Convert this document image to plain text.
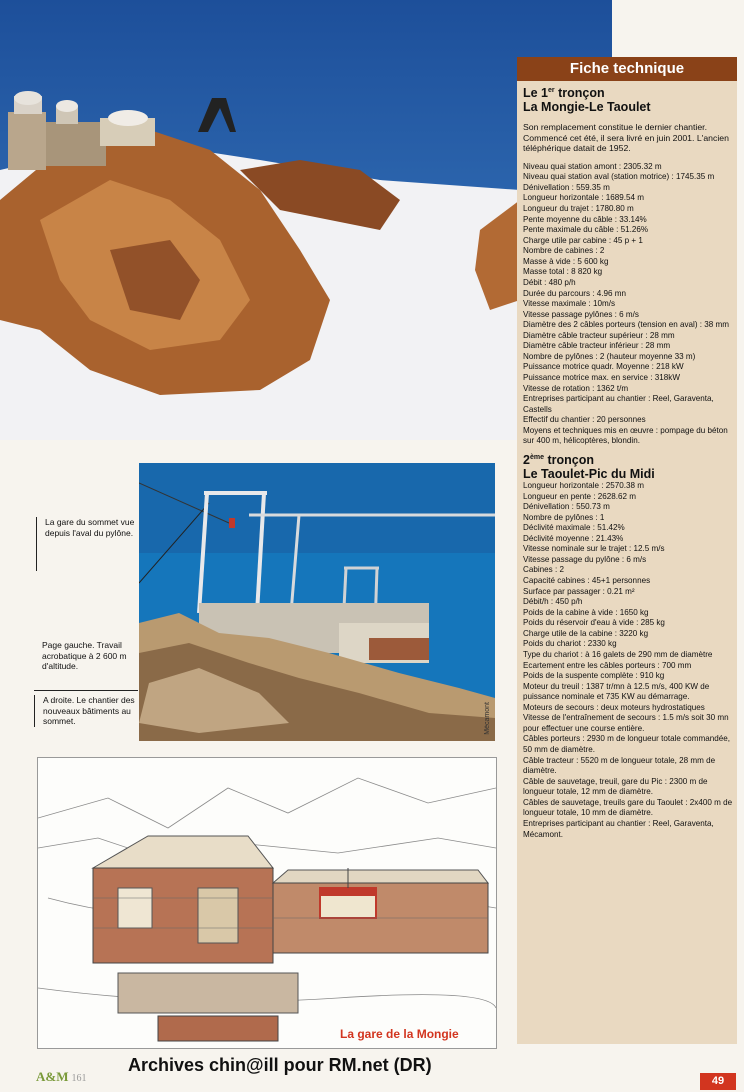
Mécamont
La gare du sommet vue depuis l'aval du pylône.
Page gauche. Travail acrobatique à 2 600 m d'altitude.
A droite. Le chantier des nouveaux bâtiments au sommet.
La gare de la Mongie
Fiche technique

Le 1er tronçon

La Mongie-Le Taoulet

Son remplacement constitue le dernier chantier. Commencé cet été, il sera livré en juin 2001. L'ancien téléphérique datait de 1952.

Niveau quai station amont : 2305.32 m

Niveau quai station aval (station motrice) : 1745.35 m

Dénivellation : 559.35 m

Longueur horizontale : 1689.54 m

Longueur du trajet : 1780.80 m

Pente moyenne du câble : 33.14%

Pente maximale du câble : 51.26%

Charge utile par cabine : 45 p + 1

Nombre de cabines : 2

Masse à vide : 5 600 kg

Masse total : 8 820 kg

Débit : 480 p/h

Durée du parcours : 4.96 mn

Vitesse maximale : 10m/s

Vitesse passage pylônes : 6 m/s

Diamètre des 2 câbles porteurs (tension en aval) : 38 mm

Diamètre câble tracteur supérieur : 28 mm

Diamètre câble tracteur inférieur : 28 mm

Nombre de pylônes : 2 (hauteur moyenne 33 m)

Puissance motrice quadr. Moyenne : 218 kW

Puissance motrice max. en service : 318kW

Vitesse de rotation : 1362 t/m

Entreprises participant au chantier : Reel, Garaventa, Castells

Effectif du chantier : 20 personnes

Moyens et techniques mis en œuvre : pompage du béton sur 400 m, hélicoptères, blondin.

2ème tronçon

Le Taoulet-Pic du Midi

Longueur horizontale : 2570.38 m

Longueur en pente : 2628.62 m

Dénivellation : 550.73 m

Nombre de pylônes : 1

Déclivité maximale : 51.42%

Déclivité moyenne : 21.43%

Vitesse nominale sur le trajet : 12.5 m/s

Vitesse passage du pylône : 6 m/s

Cabines : 2

Capacité cabines : 45+1 personnes

Surface par passager : 0.21 m²

Débit/h : 450 p/h

Poids de la cabine à vide : 1650 kg

Poids du réservoir d'eau à vide : 285 kg

Charge utile de la cabine : 3220 kg

Poids du chariot : 2330 kg

Type du chariot : à 16 galets de 290 mm de diamètre

Ecartement entre les câbles porteurs : 700 mm

Poids de la suspente complète : 910 kg

Moteur du treuil : 1387 tr/mn à 12.5 m/s, 400 KW de puissance nominale et 735 KW au démarrage.

Moteurs de secours : deux moteurs hydrostatiques

Vitesse de l'entraînement de secours : 1.5 m/s soit 30 mn pour effectuer une course entière.

Câbles porteurs : 2930 m de longueur totale commandée, 50 mm de diamètre.

Câble tracteur : 5520 m de longueur totale, 28 mm de diamètre.

Câble de sauvetage, treuil, gare du Pic : 2300 m de longueur totale, 12 mm de diamètre.

Câbles de sauvetage, treuils gare du Taoulet : 2x400 m de longueur totale, 10 mm de diamètre.

Entreprises participant au chantier : Reel, Garaventa, Mécamont.

A&M 161
Archives chin@ill pour RM.net (DR)
49
